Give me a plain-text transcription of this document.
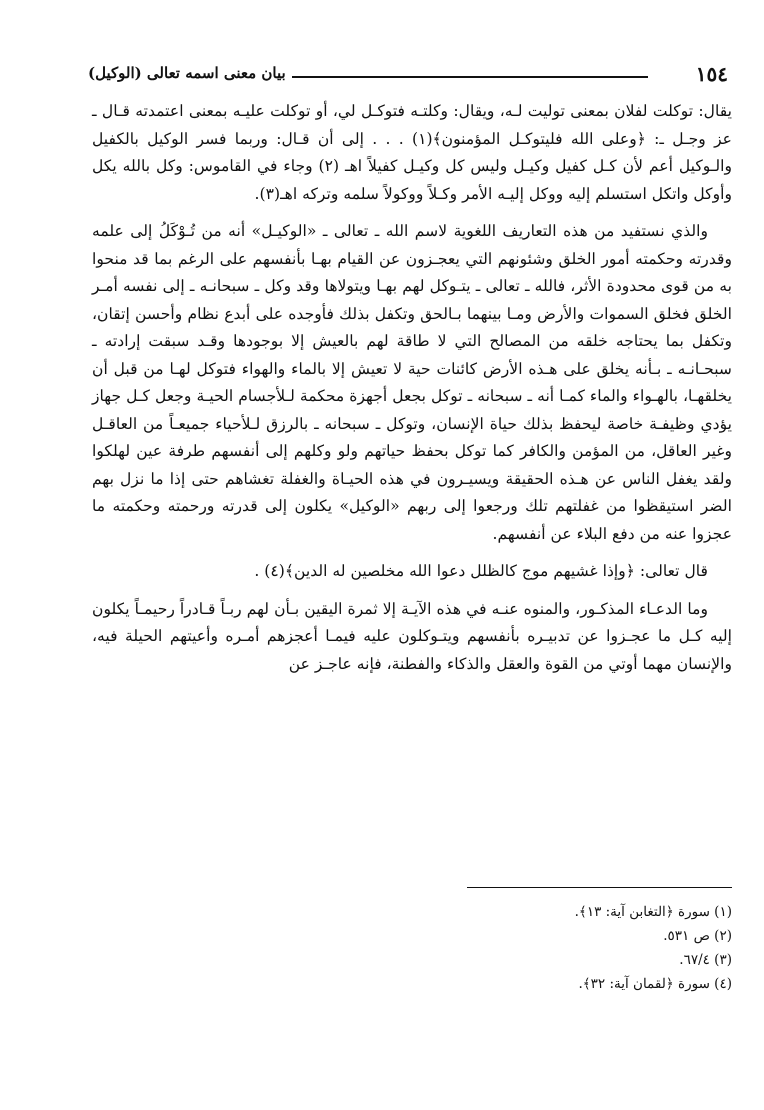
١٥٤
بيان معنى اسمه تعالى (الوكيل)

يقال: توكلت لفلان بمعنى توليت لـه، ويقال: وكلتـه فتوكـل لي، أو توكلت عليـه بمعنى اعتمدته قـال ـ عز وجـل ـ: ﴿وعلى الله فليتوكـل المؤمنون﴾(١) . . . إلى أن قـال: وربما فسر الوكيل بالكفيل والـوكيل أعم لأن كـل كفيل وكيـل وليس كل وكيـل كفيلاً اهـ (٢) وجاء في القاموس: وكل بالله يكل وأوكل واتكل استسلم إليه ووكل إليـه الأمر وكـلاً ووكولاً سلمه وتركه اهـ(٣).

والذي نستفيد من هذه التعاريف اللغوية لاسم الله ـ تعالى ـ «الوكيـل» أنه من تُـوْكَلُ إلى علمه وقدرته وحكمته أمور الخلق وشئونهم التي يعجـزون عن القيام بهـا بأنفسهم على الرغم بما قد منحوا به من قوى محدودة الأثر، فالله ـ تعالى ـ يتـوكل لهم بهـا ويتولاها وقد وكل ـ سبحانـه ـ إلى نفسه أمـر الخلق فخلق السموات والأرض ومـا بينهما بـالحق وتكفل بذلك فأوجده على أبدع نظام وأحسن إتقان، وتكفل بما يحتاجه خلقه من المصالح التي لا طاقة لهم بالعيش إلا بوجودها وقـد سبقت إرادته ـ سبحـانـه ـ بـأنه يخلق على هـذه الأرض كائنات حية لا تعيش إلا بالماء والهواء فتوكل لهـا من قبل أن يخلقهـا، بالهـواء والماء كمـا أنه ـ سبحانه ـ توكل بجعل أجهزة محكمة لـلأجسام الحيـة وجعل كـل جهاز يؤدي وظيفـة خاصة ليحفظ بذلك حياة الإنسان، وتوكل ـ سبحانه ـ بالرزق لـلأحياء جميعـاً من العاقـل وغير العاقل، من المؤمن والكافر كما توكل بحفظ حياتهم ولو وكلهم إلى أنفسهم طرفة عين لهلكوا ولقد يغفل الناس عن هـذه الحقيقة ويسيـرون في هذه الحيـاة والغفلة تغشاهم حتى إذا ما نزل بهم الضر استيقظوا من غفلتهم تلك ورجعوا إلى ربهم «الوكيل» يكلون إلى قدرته ورحمته وحكمته ما عجزوا عنه من دفع البلاء عن أنفسهم.

قال تعالى: ﴿وإذا غشيهم موج كالظلل دعوا الله مخلصين له الدين﴾(٤) .

وما الدعـاء المذكـور، والمنوه عنـه في هذه الآيـة إلا ثمرة اليقين بـأن لهم ربـاً قـادراً رحيمـاً يكلون إليه كـل ما عجـزوا عن تدبيـره بأنفسهم ويتـوكلون عليه فيمـا أعجزهم أمـره وأعيتهم الحيلة فيه، والإنسان مهما أوتي من القوة والعقل والذكاء والفطنة، فإنه عاجـز عن

(١) سورة ﴿التغابن آية: ١٣﴾.
(٢) ص ٥٣١.
(٣) ٦٧/٤.
(٤) سورة ﴿لقمان آية: ٣٢﴾.
